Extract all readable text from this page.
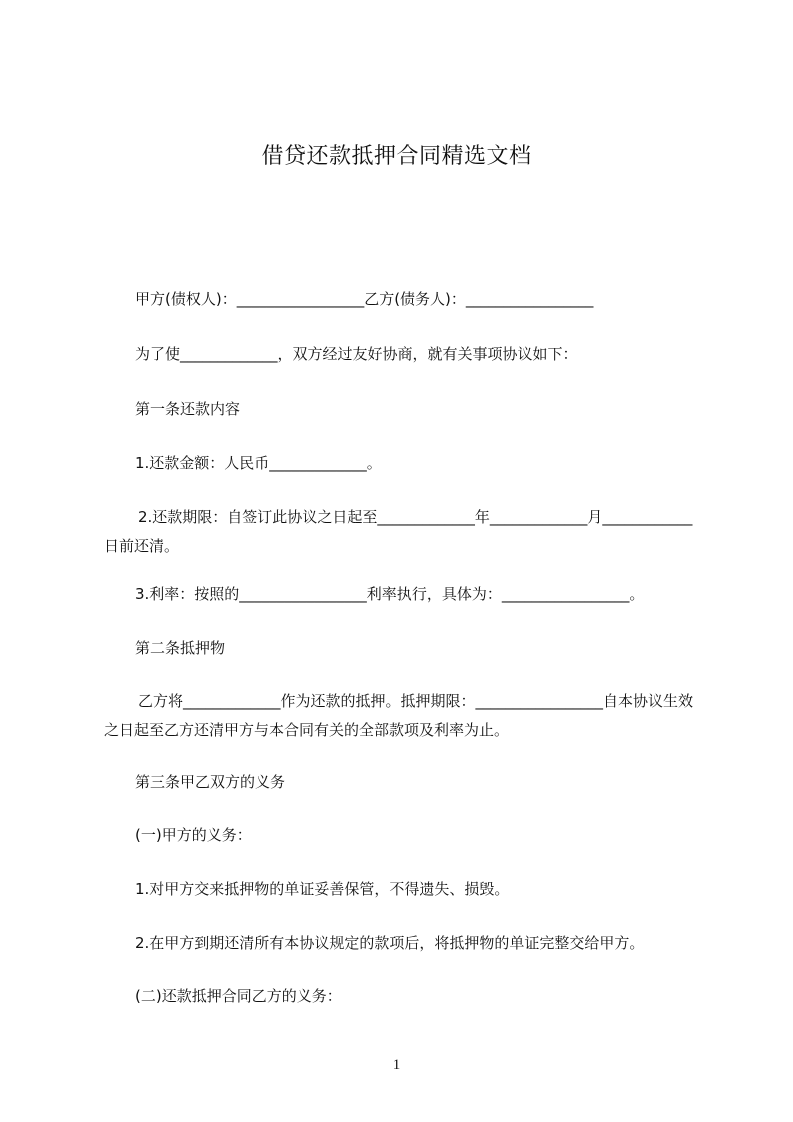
借贷还款抵押合同精选文档

甲方(债权人)：_________________乙方(债务人)：_________________

为了使_____________，双方经过友好协商，就有关事项协议如下：

第一条还款内容

1.还款金额：人民币_____________。

2.还款期限：自签订此协议之日起至_____________年_____________月____________日前还清。

3.利率：按照的_________________利率执行，具体为：_________________。

第二条抵押物

乙方将_____________作为还款的抵押。抵押期限：_________________自本协议生效之日起至乙方还清甲方与本合同有关的全部款项及利率为止。

第三条甲乙双方的义务

(一)甲方的义务：

1.对甲方交来抵押物的单证妥善保管，不得遗失、损毁。

2.在甲方到期还清所有本协议规定的款项后，将抵押物的单证完整交给甲方。

(二)还款抵押合同乙方的义务：

1
